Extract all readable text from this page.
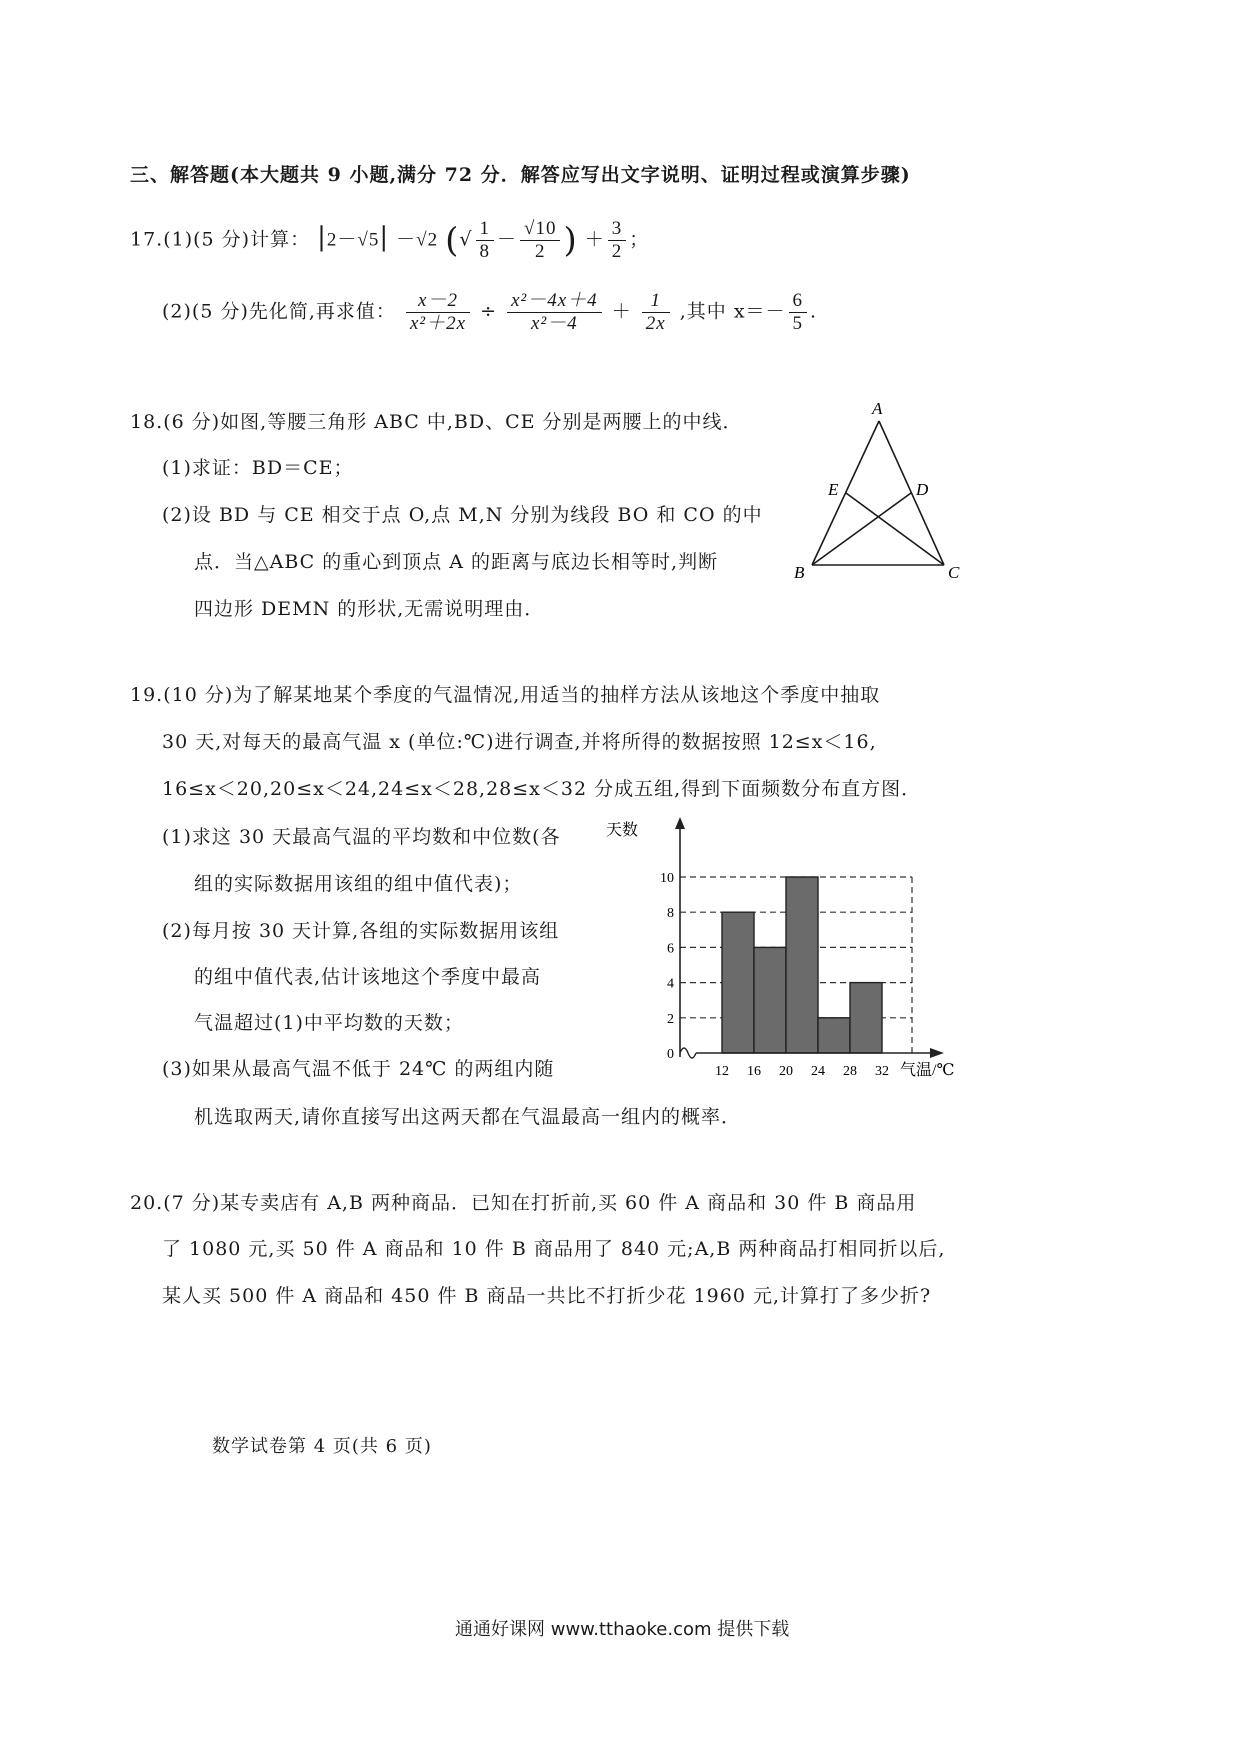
三、解答题(本大题共 9 小题,满分 72 分．解答应写出文字说明、证明过程或演算步骤)
17.(1)(5 分)计算： |2－√5| －√2 (√ $\frac{1}{8} - \frac{√10}{2}$ ) ＋ $\frac{3}{2}$ ；
(2)(5 分)先化简,再求值： $\frac{x-2}{\text{x²＋2x}} \div \frac{\text{x²－4x＋4}}{\text{x²－4}} + \frac{1}{2x}$ ,其中 $x=- \frac{6}{5}$ .
18.(6 分)如图,等腰三角形 ABC 中,BD、CE 分别是两腰上的中线．
(1)求证：BD＝CE；
(2)设 BD 与 CE 相交于点 O,点 M,N 分别为线段 BO 和 CO 的中
点．当△ABC 的重心到顶点 A 的距离与底边长相等时,判断
四边形 DEMN 的形状,无需说明理由．
A
B	C
D
E
19.(10 分)为了解某地某个季度的气温情况,用适当的抽样方法从该地这个季度中抽取
30 天,对每天的最高气温 x (单位:℃)进行调查,并将所得的数据按照 12≤x＜16,
16≤x＜20,20≤x＜24,24≤x＜28,28≤x＜32 分成五组,得到下面频数分布直方图．
(1)求这 30 天最高气温的平均数和中位数(各
组的实际数据用该组的组中值代表)；
(2)每月按 30 天计算,各组的实际数据用该组
的组中值代表,估计该地这个季度中最高
气温超过(1)中平均数的天数；
(3)如果从最高气温不低于 24℃ 的两组内随
机选取两天,请你直接写出这两天都在气温最高一组内的概率．
0
2
4
6
8
10
12 16 20 24 28 32
天数
气温/℃
20.(7 分)某专卖店有 A,B 两种商品．已知在打折前,买 60 件 A 商品和 30 件 B 商品用
了 1080 元,买 50 件 A 商品和 10 件 B 商品用了 840 元;A,B 两种商品打相同折以后,
某人买 500 件 A 商品和 450 件 B 商品一共比不打折少花 1960 元,计算打了多少折?
数学试卷第 4 页(共 6 页)
通通好课网 www.tthaoke.com 提供下载
